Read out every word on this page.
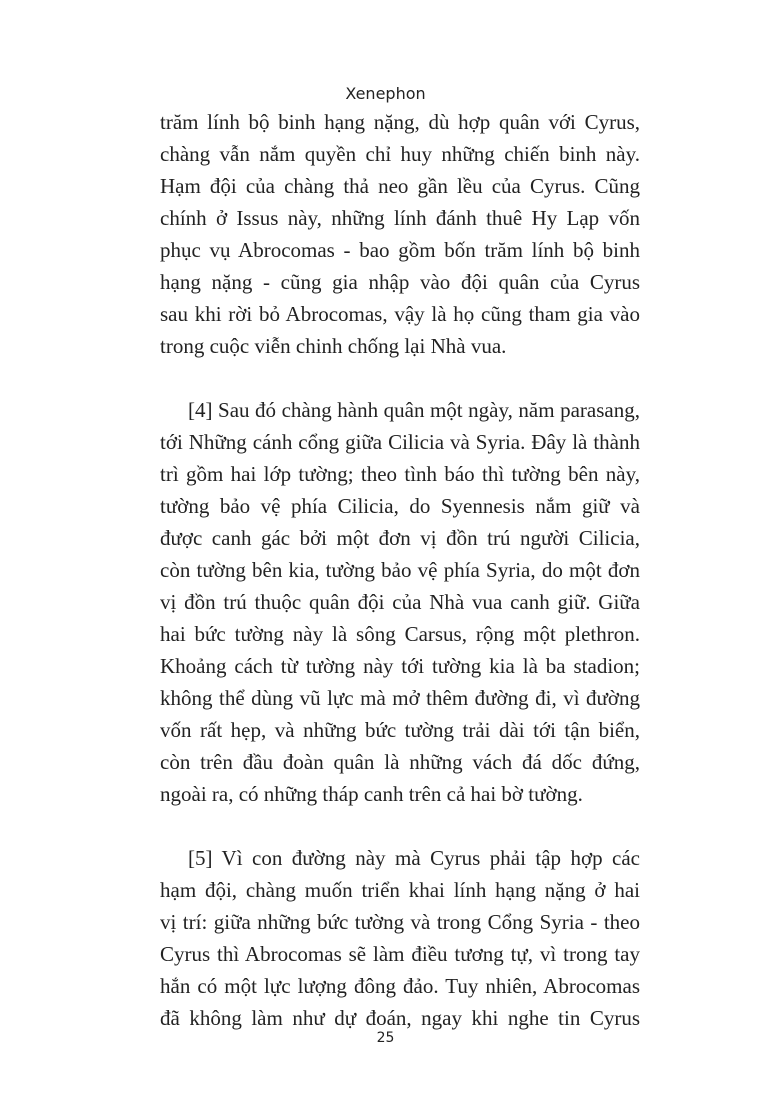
Xenephon
trăm lính bộ binh hạng nặng, dù hợp quân với Cyrus,
chàng vẫn nắm quyền chỉ huy những chiến binh này.
Hạm đội của chàng thả neo gần lều của Cyrus. Cũng
chính ở Issus này, những lính đánh thuê Hy Lạp vốn
phục vụ Abrocomas - bao gồm bốn trăm lính bộ binh
hạng nặng - cũng gia nhập vào đội quân của Cyrus
sau khi rời bỏ Abrocomas, vậy là họ cũng tham gia vào
trong cuộc viễn chinh chống lại Nhà vua.
[4] Sau đó chàng hành quân một ngày, năm parasang,
tới Những cánh cổng giữa Cilicia và Syria. Đây là thành
trì gồm hai lớp tường; theo tình báo thì tường bên này,
tường bảo vệ phía Cilicia, do Syennesis nắm giữ và
được canh gác bởi một đơn vị đồn trú người Cilicia,
còn tường bên kia, tường bảo vệ phía Syria, do một đơn
vị đồn trú thuộc quân đội của Nhà vua canh giữ. Giữa
hai bức tường này là sông Carsus, rộng một plethron.
Khoảng cách từ tường này tới tường kia là ba stadion;
không thể dùng vũ lực mà mở thêm đường đi, vì đường
vốn rất hẹp, và những bức tường trải dài tới tận biển,
còn trên đầu đoàn quân là những vách đá dốc đứng,
ngoài ra, có những tháp canh trên cả hai bờ tường.
[5] Vì con đường này mà Cyrus phải tập hợp các
hạm đội, chàng muốn triển khai lính hạng nặng ở hai
vị trí: giữa những bức tường và trong Cổng Syria - theo
Cyrus thì Abrocomas sẽ làm điều tương tự, vì trong tay
hắn có một lực lượng đông đảo. Tuy nhiên, Abrocomas
đã không làm như dự đoán, ngay khi nghe tin Cyrus
25
